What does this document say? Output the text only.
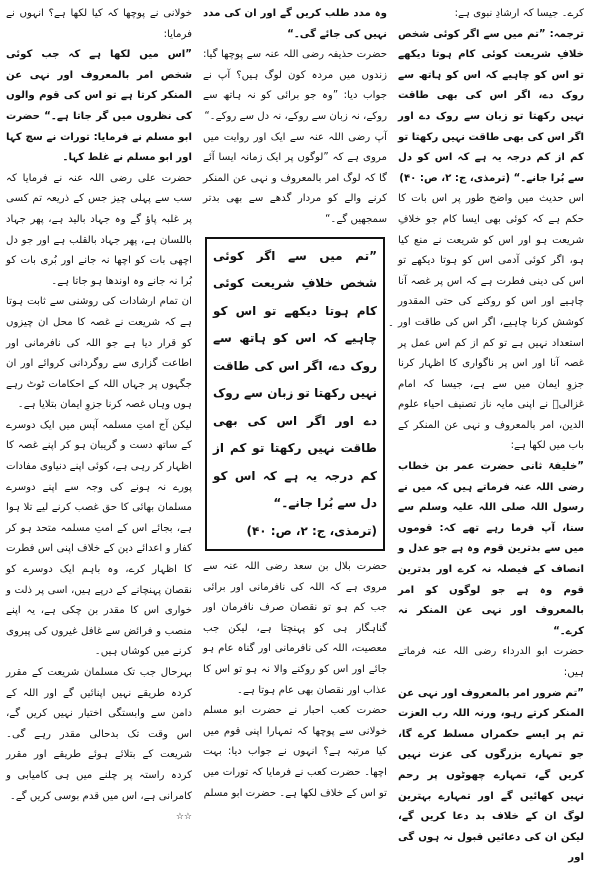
کرے۔ جیسا کہ ارشادِ نبوی ہے:

ترجمہ: ”تم میں سے اگر کوئی شخص خلافِ شریعت کوئی کام ہوتا دیکھے تو اس کو چاہیے کہ اس کو ہاتھ سے روک دے، اگر اس کی بھی طاقت نہیں رکھتا تو زبان سے روک دے اور اگر اس کی بھی طاقت نہیں رکھتا تو کم از کم درجہ یہ ہے کہ اس کو دل سے بُرا جانے۔“ (ترمذی، ج: ۲، ص: ۴۰)

اس حدیث میں واضح طور پر اس بات کا حکم ہے کہ کوئی بھی ایسا کام جو خلافِ شریعت ہو اور اس کو شریعت نے منع کیا ہو، اگر کوئی آدمی اس کو ہوتا دیکھے تو اس کی دینی فطرت ہے کہ اس پر غصہ آنا چاہیے اور اس کو روکنے کی حتی المقدور کوشش کرنا چاہیے، اگر اس کی طاقت اور استعداد نہیں ہے تو کم از کم اس عمل پر غصہ آنا اور اس پر ناگواری کا اظہار کرنا جزوِ ایمان میں سے ہے، جیسا کہ امام غزالیؒ نے اپنی مایہ ناز تصنیف احیاء علوم الدین، امر بالمعروف و نہی عن المنکر کے باب میں لکھا ہے:

”خلیفۂ ثانی حضرت عمر بن خطاب رضی اللہ عنہ فرماتے ہیں کہ میں نے رسول اللہ صلی اللہ علیہ وسلم سے سنا، آپ فرما رہے تھے کہ: قوموں میں سے بدترین قوم وہ ہے جو عدل و انصاف کے فیصلہ نہ کرے اور بدترین قوم وہ ہے جو لوگوں کو امر بالمعروف اور نہی عن المنکر نہ کرے۔“

حضرت ابو الدرداء رضی اللہ عنہ فرماتے ہیں:

”تم ضرور امر بالمعروف اور نہی عن المنکر کرتے رہو، ورنہ اللہ رب العزت تم پر ایسے حکمراں مسلط کرے گا، جو تمہارے بزرگوں کی عزت نہیں کریں گے، تمہارے چھوٹوں پر رحم نہیں کھائیں گے اور تمہارے بہترین لوگ ان کے خلاف بد دعا کریں گے، لیکن ان کی دعائیں قبول نہ ہوں گی اور

وہ مدد طلب کریں گے اور ان کی مدد نہیں کی جائے گی۔“

حضرت حذیفہ رضی اللہ عنہ سے پوچھا گیا: زندوں میں مردہ کون لوگ ہیں؟ آپ نے جواب دیا: ”وہ جو برائی کو نہ ہاتھ سے روکے، نہ زبان سے روکے، نہ دل سے روکے۔“

آپ رضی اللہ عنہ سے ایک اور روایت میں مروی ہے کہ ”لوگوں پر ایک زمانہ ایسا آئے گا کہ لوگ امر بالمعروف و نہی عن المنکر کرنے والے کو مردار گدھے سے بھی بدتر سمجھیں گے۔“

”تم میں سے اگر کوئی شخص خلافِ شریعت کوئی کام ہوتا دیکھے تو اس کو چاہیے کہ اس کو ہاتھ سے روک دے، اگر اس کی طاقت نہیں رکھتا تو زبان سے روک دے اور اگر اس کی بھی طاقت نہیں رکھتا تو کم از کم درجہ یہ ہے کہ اس کو دل سے بُرا جانے۔“

(ترمذی، ج: ۲، ص: ۴۰)

حضرت بلال بن سعد رضی اللہ عنہ سے مروی ہے کہ اللہ کی نافرمانی اور برائی جب کم ہو تو نقصان صرف نافرمان اور گناہگار ہی کو پہنچتا ہے، لیکن جب معصیت، اللہ کی نافرمانی اور گناہ عام ہو جائے اور اس کو روکنے والا نہ ہو تو اس کا عذاب اور نقصان بھی عام ہوتا ہے۔

حضرت کعب احبار نے حضرت ابو مسلم خولانی سے پوچھا کہ تمہارا اپنی قوم میں کیا مرتبہ ہے؟ انہوں نے جواب دیا: بہت اچھا۔ حضرت کعب نے فرمایا کہ تورات میں تو اس کے خلاف لکھا ہے۔ حضرت ابو مسلم

خولانی نے پوچھا کہ کیا لکھا ہے؟ انہوں نے فرمایا:

”اس میں لکھا ہے کہ جب کوئی شخص امر بالمعروف اور نہی عن المنکر کرتا ہے تو اس کی قوم والوں کی نظروں میں گر جاتا ہے۔“ حضرت ابو مسلم نے فرمایا: تورات نے سچ کہا اور ابو مسلم نے غلط کہا۔

حضرت علی رضی اللہ عنہ نے فرمایا کہ سب سے پہلی چیز جس کے ذریعہ تم کسی پر غلبہ پاؤ گے وہ جہاد بالید ہے، پھر جہاد باللسان ہے، پھر جہاد بالقلب ہے اور جو دل اچھی بات کو اچھا نہ جانے اور بُری بات کو بُرا نہ جانے وہ اوندھا ہو جاتا ہے۔

ان تمام ارشادات کی روشنی سے ثابت ہوتا ہے کہ شریعت نے غصہ کا محل ان چیزوں کو قرار دیا ہے جو اللہ کی نافرمانی اور اطاعت گزاری سے روگردانی کروائے اور ان جگہوں پر جہاں اللہ کے احکامات ٹوٹ رہے ہوں وہاں غصہ کرنا جزوِ ایمان بتلایا ہے۔

لیکن آج امتِ مسلمہ آپس میں ایک دوسرے کے ساتھ دست و گریبان ہو کر اپنے غصہ کا اظہار کر رہی ہے، کوئی اپنے دنیاوی مفادات پورے نہ ہونے کی وجہ سے اپنے دوسرے مسلمان بھائی کا حق غصب کرنے لیے تلا ہوا ہے، بجائے اس کے امتِ مسلمہ متحد ہو کر کفار و اعدائے دین کے خلاف اپنی اس فطرت کا اظہار کرے، وہ باہم ایک دوسرے کو نقصان پہنچانے کے درپے ہیں، اسی پر ذلت و خواری اس کا مقدر بن چکی ہے، یہ اپنے منصب و فرائض سے غافل غیروں کی پیروی کرنے میں کوشاں ہیں۔

بہرحال جب تک مسلمان شریعت کے مقرر کردہ طریقے نہیں اپنائیں گے اور اللہ کے دامن سے وابستگی اختیار نہیں کریں گے، اس وقت تک بدحالی مقدر رہے گی۔ شریعت کے بتلائے ہوئے طریقے اور مقرر کردہ راستہ پر چلنے میں ہی کامیابی و کامرانی ہے، اس میں قدم بوسی کریں گے۔

☆☆

۔
